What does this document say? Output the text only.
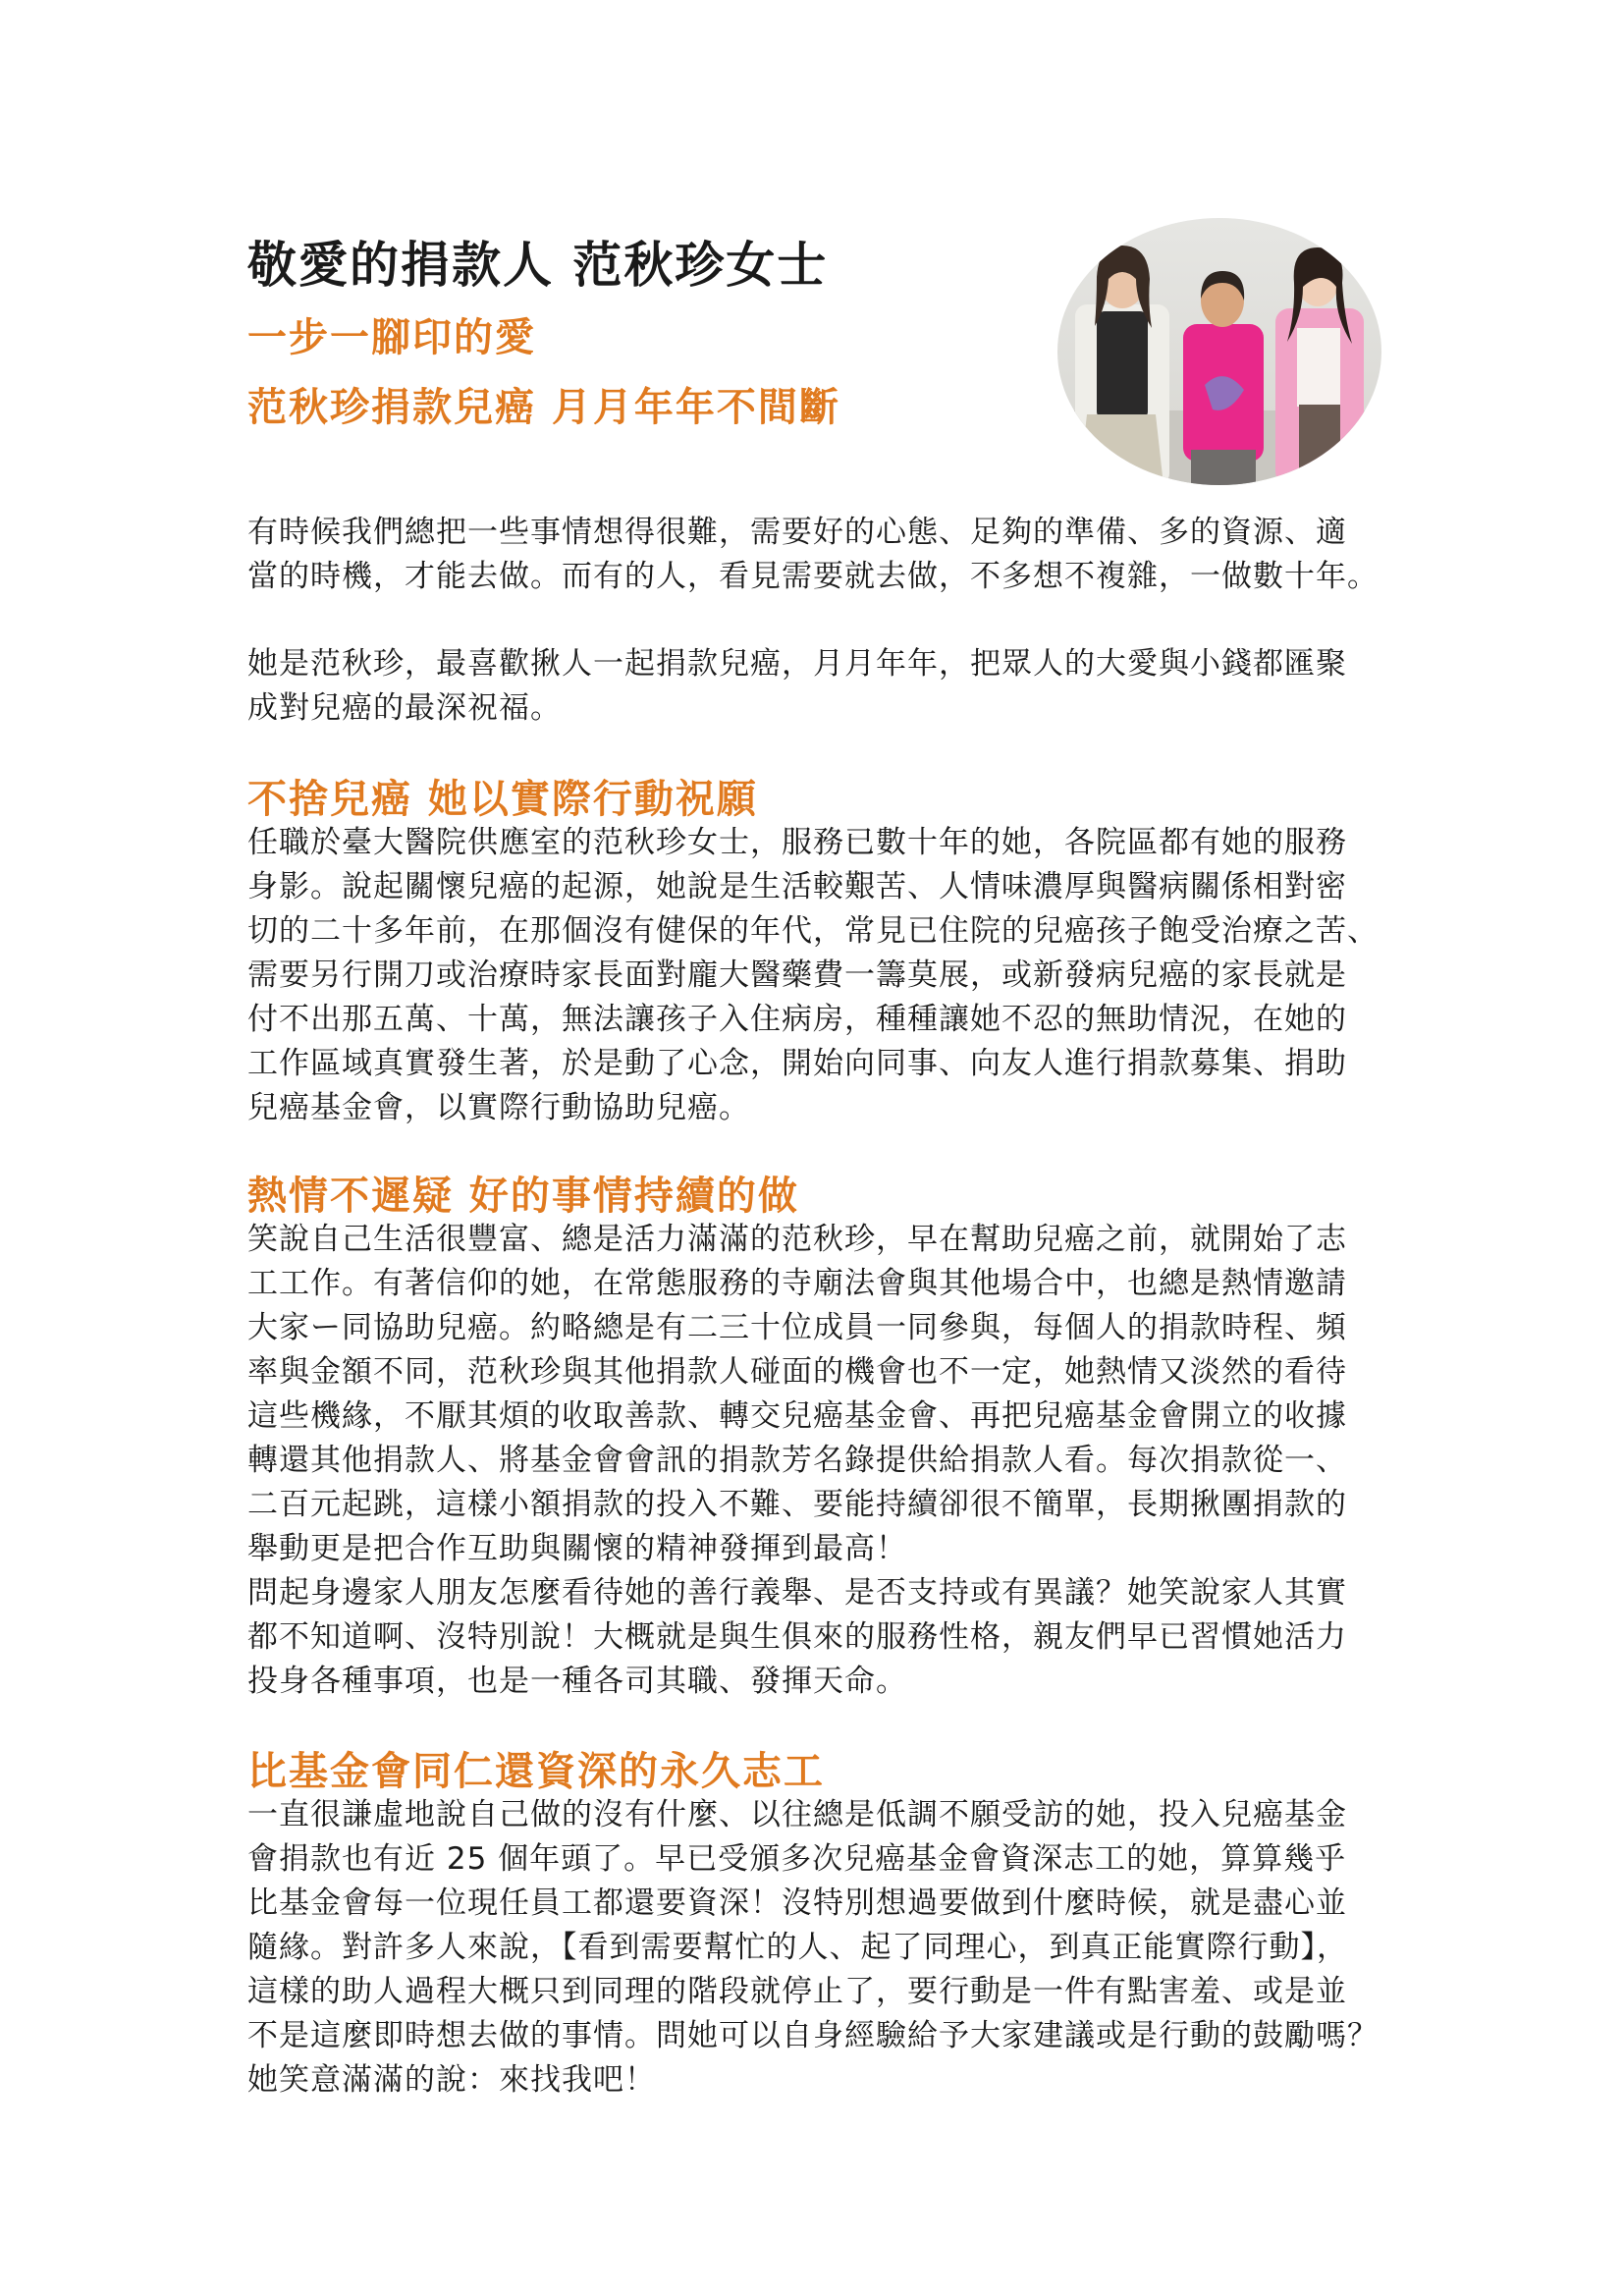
敬愛的捐款人 范秋珍女士
一步一腳印的愛
范秋珍捐款兒癌 月月年年不間斷
有時候我們總把一些事情想得很難，需要好的心態、足夠的準備、多的資源、適
當的時機，才能去做。而有的人，看見需要就去做，不多想不複雜，一做數十年。
她是范秋珍，最喜歡揪人一起捐款兒癌，月月年年，把眾人的大愛與小錢都匯聚
成對兒癌的最深祝福。
不捨兒癌 她以實際行動祝願
任職於臺大醫院供應室的范秋珍女士，服務已數十年的她，各院區都有她的服務
身影。說起關懷兒癌的起源，她說是生活較艱苦、人情味濃厚與醫病關係相對密
切的二十多年前，在那個沒有健保的年代，常見已住院的兒癌孩子飽受治療之苦、
需要另行開刀或治療時家長面對龐大醫藥費一籌莫展，或新發病兒癌的家長就是
付不出那五萬、十萬，無法讓孩子入住病房，種種讓她不忍的無助情況，在她的
工作區域真實發生著，於是動了心念，開始向同事、向友人進行捐款募集、捐助
兒癌基金會，以實際行動協助兒癌。
熱情不遲疑 好的事情持續的做
笑說自己生活很豐富、總是活力滿滿的范秋珍，早在幫助兒癌之前，就開始了志
工工作。有著信仰的她，在常態服務的寺廟法會與其他場合中，也總是熱情邀請
大家ー同協助兒癌。約略總是有二三十位成員一同參與，每個人的捐款時程、頻
率與金額不同，范秋珍與其他捐款人碰面的機會也不一定，她熱情又淡然的看待
這些機緣，不厭其煩的收取善款、轉交兒癌基金會、再把兒癌基金會開立的收據
轉還其他捐款人、將基金會會訊的捐款芳名錄提供給捐款人看。每次捐款從一、
二百元起跳，這樣小額捐款的投入不難、要能持續卻很不簡單，長期揪團捐款的
舉動更是把合作互助與關懷的精神發揮到最高！
問起身邊家人朋友怎麼看待她的善行義舉、是否支持或有異議？她笑說家人其實
都不知道啊、沒特別說！大概就是與生俱來的服務性格，親友們早已習慣她活力
投身各種事項，也是一種各司其職、發揮天命。
比基金會同仁還資深的永久志工
一直很謙虛地說自己做的沒有什麼、以往總是低調不願受訪的她，投入兒癌基金
會捐款也有近 25 個年頭了。早已受頒多次兒癌基金會資深志工的她，算算幾乎
比基金會每一位現任員工都還要資深！沒特別想過要做到什麼時候，就是盡心並
隨緣。對許多人來說，【看到需要幫忙的人、起了同理心，到真正能實際行動】，
這樣的助人過程大概只到同理的階段就停止了，要行動是一件有點害羞、或是並
不是這麼即時想去做的事情。問她可以自身經驗給予大家建議或是行動的鼓勵嗎？
她笑意滿滿的說：來找我吧！
